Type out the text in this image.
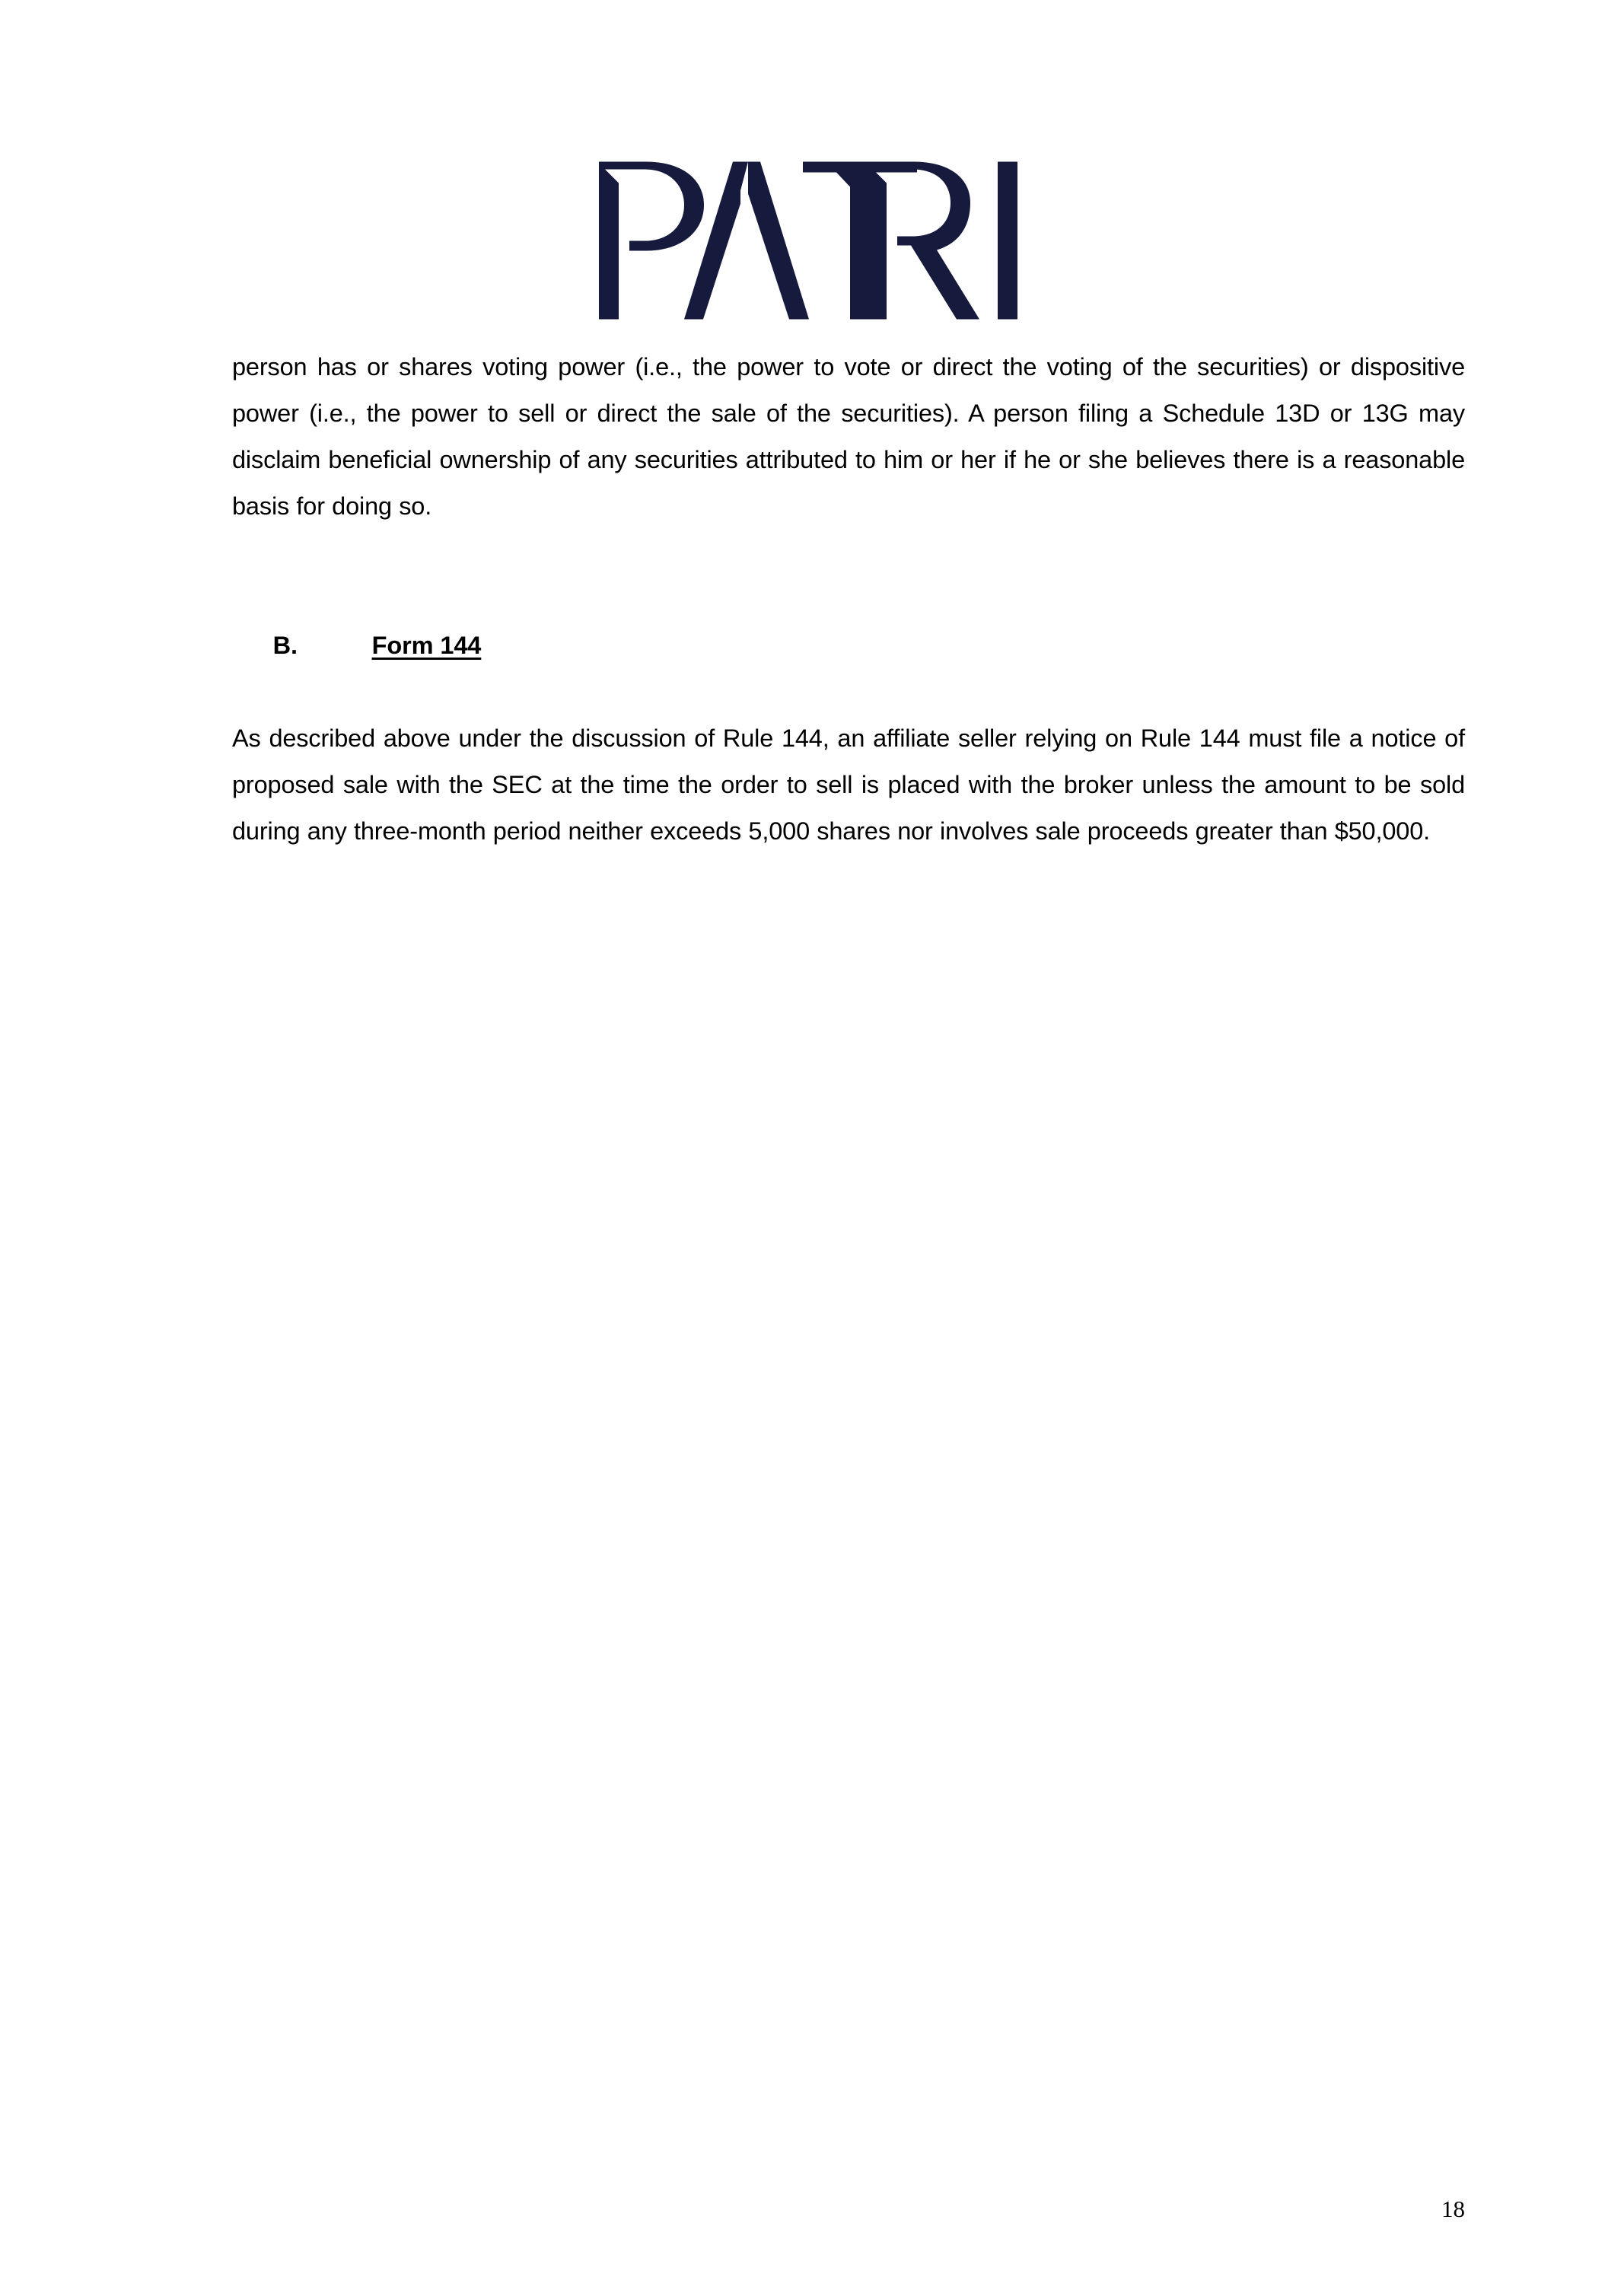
person has or shares voting power (i.e., the power to vote or direct the voting of the securities) or dispositive power (i.e., the power to sell or direct the sale of the securities). A person filing a Schedule 13D or 13G may disclaim beneficial ownership of any securities attributed to him or her if he or she believes there is a reasonable basis for doing so.

B.	Form 144

As described above under the discussion of Rule 144, an affiliate seller relying on Rule 144 must file a notice of proposed sale with the SEC at the time the order to sell is placed with the broker unless the amount to be sold during any three-month period neither exceeds 5,000 shares nor involves sale proceeds greater than $50,000.

18
